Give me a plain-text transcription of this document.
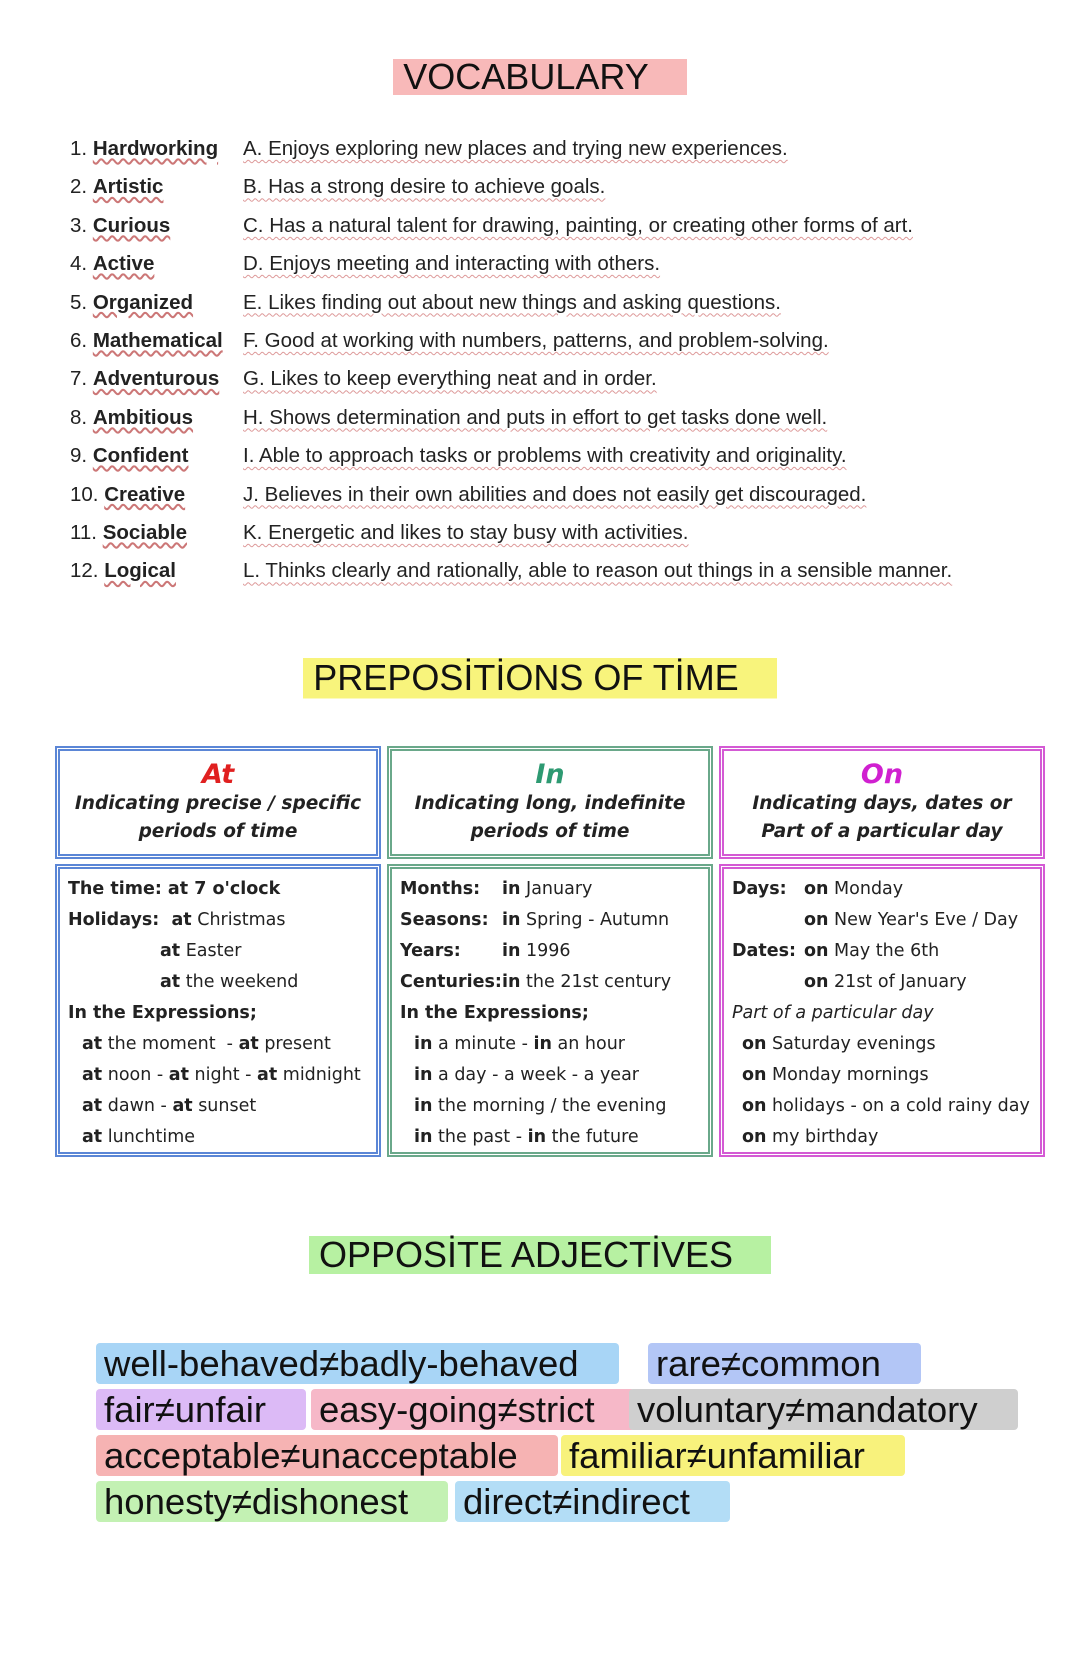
VOCABULARY
1. Hardworking	A. Enjoys exploring new places and trying new experiences.
2. Artistic	B. Has a strong desire to achieve goals.
3. Curious	C. Has a natural talent for drawing, painting, or creating other forms of art.
4. Active	D. Enjoys meeting and interacting with others.
5. Organized	E. Likes finding out about new things and asking questions.
6. Mathematical F. Good at working with numbers, patterns, and problem-solving.
7. Adventurous	G. Likes to keep everything neat and in order.
8. Ambitious	H. Shows determination and puts in effort to get tasks done well.
9. Confident	I. Able to approach tasks or problems with creativity and originality.
10. Creative	J. Believes in their own abilities and does not easily get discouraged.
11. Sociable	K. Energetic and likes to stay busy with activities.
12. Logical	L. Thinks clearly and rationally, able to reason out things in a sensible manner.
PREPOSİTİONS OF TİME
At
Indicating precise / specific
periods of time
The time: at 7 o'clock
Holidays:  at Christmas
at Easter
at the weekend
In the Expressions;
at the moment  - at present
at noon - at night - at midnight
at dawn - at sunset
at lunchtime
In
Indicating long, indefinite
periods of time
Months: in January
Seasons: in Spring - Autumn
Years: in 1996
Centuries:in the 21st century
In the Expressions;
in a minute - in an hour
in a day - a week - a year
in the morning / the evening
in the past - in the future
On
Indicating days, dates or
Part of a particular day
Days: on Monday
on New Year's Eve / Day
Dates: on May the 6th
on 21st of January
Part of a particular day
on Saturday evenings
on Monday mornings
on holidays - on a cold rainy day
on my birthday
OPPOSİTE ADJECTİVES
well-behaved≠badly-behaved	rare≠common
fair≠unfair	easy-going≠strict	voluntary≠mandatory
acceptable≠unacceptable	familiar≠unfamiliar
honesty≠dishonest	direct≠indirect
